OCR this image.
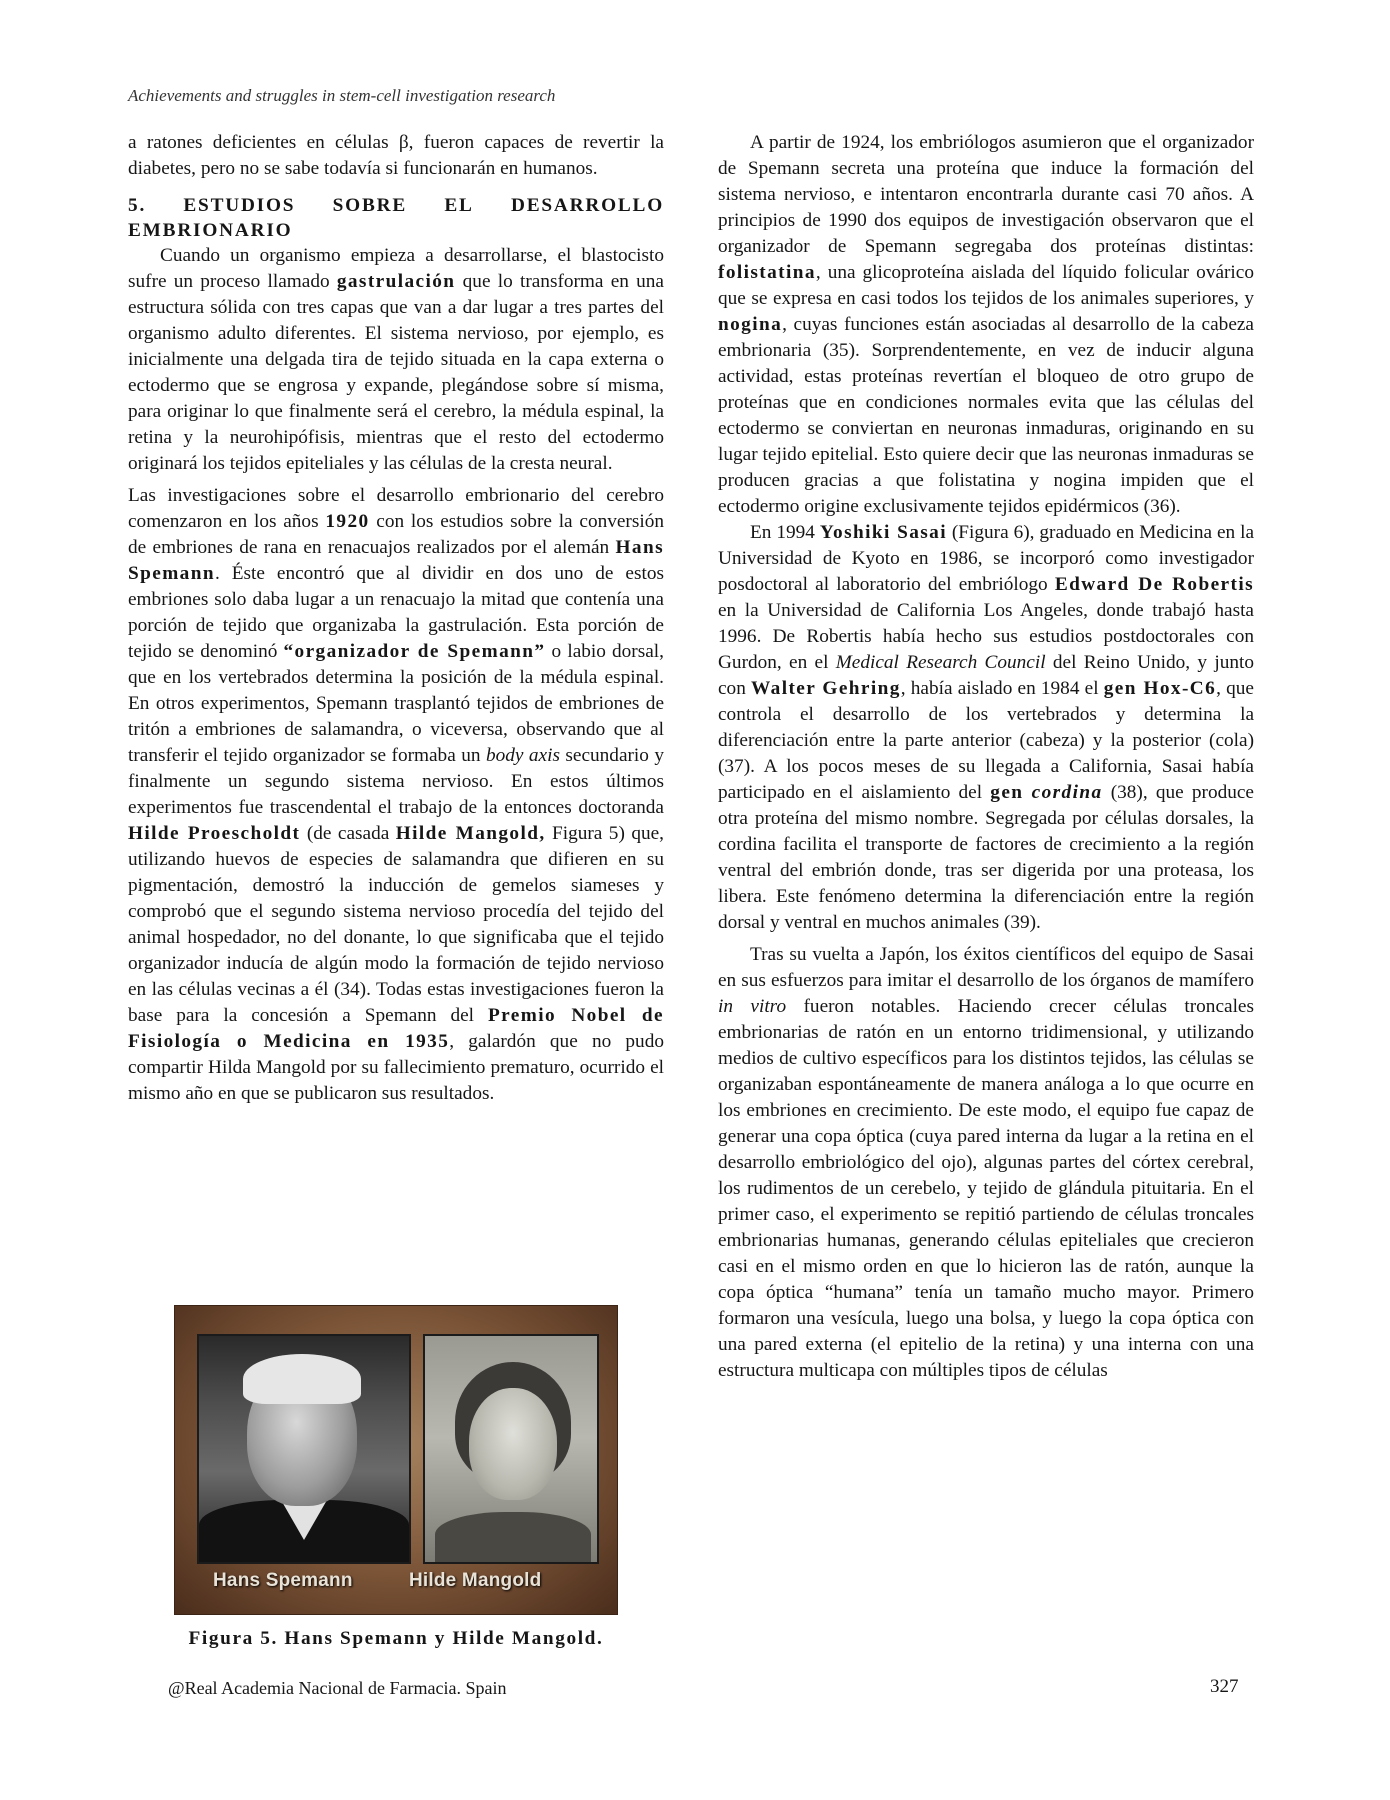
Achievements and struggles in stem-cell investigation research

a ratones deficientes en células β, fueron capaces de revertir la diabetes, pero no se sabe todavía si funcionarán en humanos.

5. ESTUDIOS SOBRE EL DESARROLLO
EMBRIONARIO

Cuando un organismo empieza a desarrollarse, el blastocisto sufre un proceso llamado gastrulación que lo transforma en una estructura sólida con tres capas que van a dar lugar a tres partes del organismo adulto diferentes. El sistema nervioso, por ejemplo, es inicialmente una delgada tira de tejido situada en la capa externa o ectodermo que se engrosa y expande, plegándose sobre sí misma, para originar lo que finalmente será el cerebro, la médula espinal, la retina y la neurohipófisis, mientras que el resto del ectodermo originará los tejidos epiteliales y las células de la cresta neural.

Las investigaciones sobre el desarrollo embrionario del cerebro comenzaron en los años 1920 con los estudios sobre la conversión de embriones de rana en renacuajos realizados por el alemán Hans Spemann. Éste encontró que al dividir en dos uno de estos embriones solo daba lugar a un renacuajo la mitad que contenía una porción de tejido que organizaba la gastrulación. Esta porción de tejido se denominó “organizador de Spemann” o labio dorsal, que en los vertebrados determina la posición de la médula espinal. En otros experimentos, Spemann trasplantó tejidos de embriones de tritón a embriones de salamandra, o viceversa, observando que al transferir el tejido organizador se formaba un body axis secundario y finalmente un segundo sistema nervioso. En estos últimos experimentos fue trascendental el trabajo de la entonces doctoranda Hilde Proescholdt (de casada Hilde Mangold, Figura 5) que, utilizando huevos de especies de salamandra que difieren en su pigmentación, demostró la inducción de gemelos siameses y comprobó que el segundo sistema nervioso procedía del tejido del animal hospedador, no del donante, lo que significaba que el tejido organizador inducía de algún modo la formación de tejido nervioso en las células vecinas a él (34). Todas estas investigaciones fueron la base para la concesión a Spemann del Premio Nobel de Fisiología o Medicina en 1935, galardón que no pudo compartir Hilda Mangold por su fallecimiento prematuro, ocurrido el mismo año en que se publicaron sus resultados.

Hans Spemann	Hilde Mangold
Figura 5. Hans Spemann y Hilde Mangold.

A partir de 1924, los embriólogos asumieron que el organizador de Spemann secreta una proteína que induce la formación del sistema nervioso, e intentaron encontrarla durante casi 70 años. A principios de 1990 dos equipos de investigación observaron que el organizador de Spemann segregaba dos proteínas distintas: folistatina, una glicoproteína aislada del líquido folicular ovárico que se expresa en casi todos los tejidos de los animales superiores, y nogina, cuyas funciones están asociadas al desarrollo de la cabeza embrionaria (35). Sorprendentemente, en vez de inducir alguna actividad, estas proteínas revertían el bloqueo de otro grupo de proteínas que en condiciones normales evita que las células del ectodermo se conviertan en neuronas inmaduras, originando en su lugar tejido epitelial. Esto quiere decir que las neuronas inmaduras se producen gracias a que folistatina y nogina impiden que el ectodermo origine exclusivamente tejidos epidérmicos (36).

En 1994 Yoshiki Sasai (Figura 6), graduado en Medicina en la Universidad de Kyoto en 1986, se incorporó como investigador posdoctoral al laboratorio del embriólogo Edward De Robertis en la Universidad de California Los Angeles, donde trabajó hasta 1996. De Robertis había hecho sus estudios postdoctorales con Gurdon, en el Medical Research Council del Reino Unido, y junto con Walter Gehring, había aislado en 1984 el gen Hox-C6, que controla el desarrollo de los vertebrados y determina la diferenciación entre la parte anterior (cabeza) y la posterior (cola) (37). A los pocos meses de su llegada a California, Sasai había participado en el aislamiento del gen cordina (38), que produce otra proteína del mismo nombre. Segregada por células dorsales, la cordina facilita el transporte de factores de crecimiento a la región ventral del embrión donde, tras ser digerida por una proteasa, los libera. Este fenómeno determina la diferenciación entre la región dorsal y ventral en muchos animales (39).

Tras su vuelta a Japón, los éxitos científicos del equipo de Sasai en sus esfuerzos para imitar el desarrollo de los órganos de mamífero in vitro fueron notables. Haciendo crecer células troncales embrionarias de ratón en un entorno tridimensional, y utilizando medios de cultivo específicos para los distintos tejidos, las células se organizaban espontáneamente de manera análoga a lo que ocurre en los embriones en crecimiento. De este modo, el equipo fue capaz de generar una copa óptica (cuya pared interna da lugar a la retina en el desarrollo embriológico del ojo), algunas partes del córtex cerebral, los rudimentos de un cerebelo, y tejido de glándula pituitaria. En el primer caso, el experimento se repitió partiendo de células troncales embrionarias humanas, generando células epiteliales que crecieron casi en el mismo orden en que lo hicieron las de ratón, aunque la copa óptica “humana” tenía un tamaño mucho mayor. Primero formaron una vesícula, luego una bolsa, y luego la copa óptica con una pared externa (el epitelio de la retina) y una interna con una estructura multicapa con múltiples tipos de células

@Real Academia Nacional de Farmacia. Spain	327
